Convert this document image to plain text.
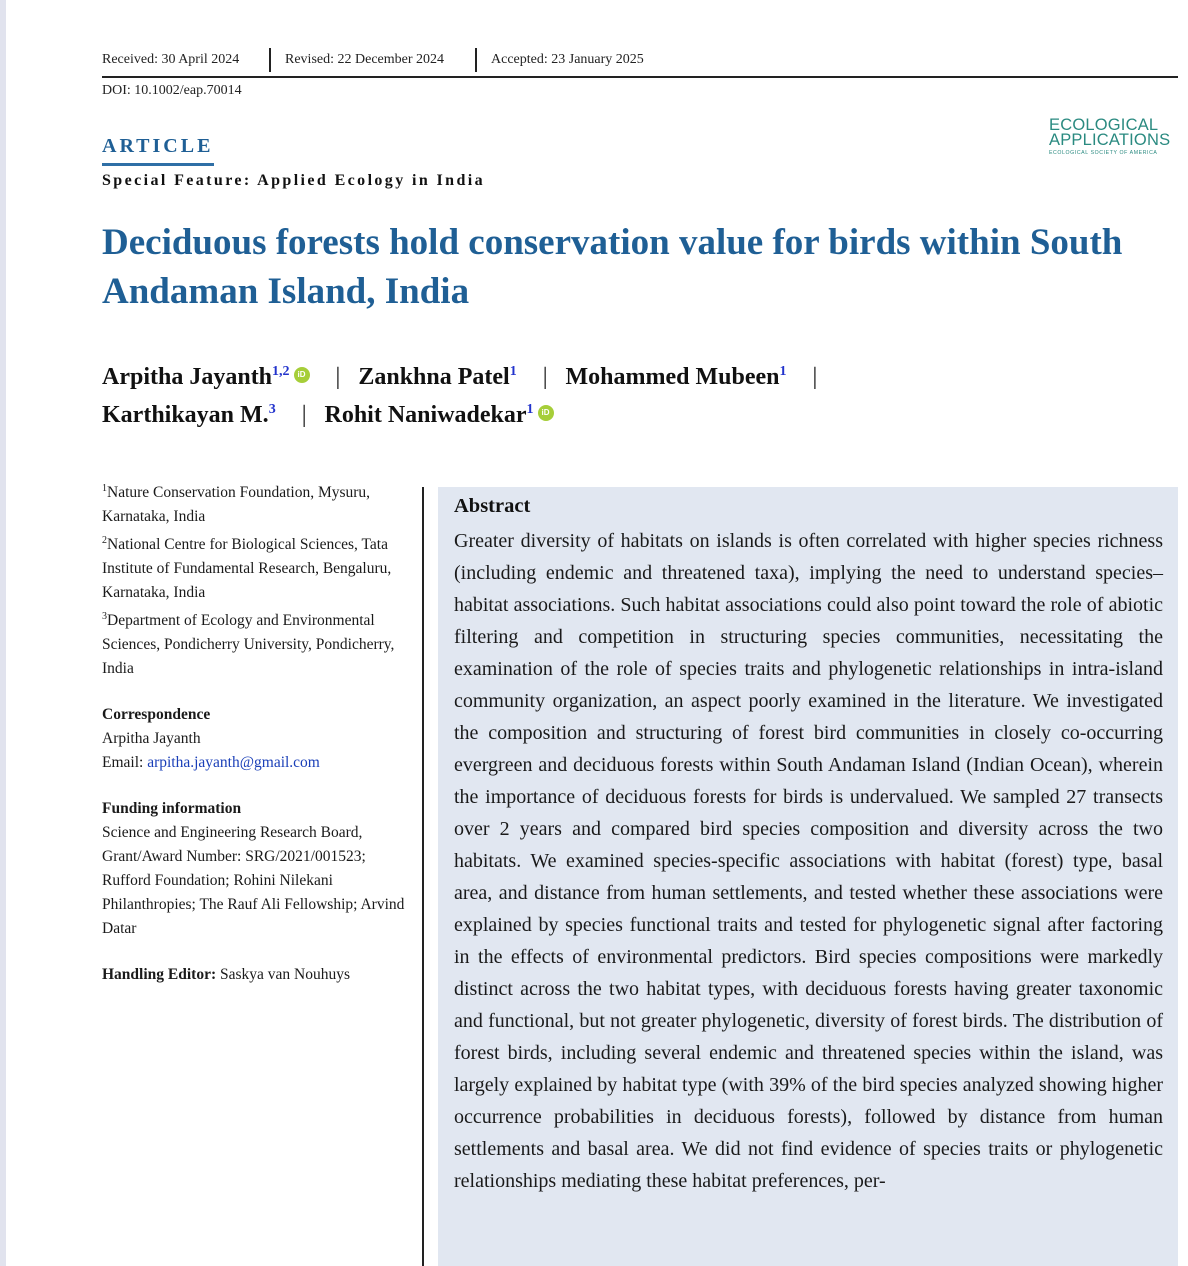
Received: 30 April 2024	Revised: 22 December 2024	Accepted: 23 January 2025
DOI: 10.1002/eap.70014
ARTICLE
Special Feature: Applied Ecology in India
ECOLOGICAL
APPLICATIONS
ECOLOGICAL SOCIETY OF AMERICA
Deciduous forests hold conservation value for birds within South Andaman Island, India
Arpitha Jayanth$^{1,2}$ iD | Zankhna Patel$^1$ | Mohammed Mubeen$^1$ |
Karthikayan M.$^3$ | Rohit Naniwadekar$^1$ iD

$^1$Nature Conservation Foundation, Mysuru, Karnataka, India

$^2$National Centre for Biological Sciences, Tata Institute of Fundamental Research, Bengaluru, Karnataka, India

$^3$Department of Ecology and Environmental Sciences, Pondicherry University, Pondicherry, India

Correspondence

Arpitha Jayanth

Email: arpitha.jayanth@gmail.com

Funding information

Science and Engineering Research Board, Grant/Award Number: SRG/2021/001523; Rufford Foundation; Rohini Nilekani Philanthropies; The Rauf Ali Fellowship; Arvind Datar

Handling Editor: Saskya van Nouhuys

Abstract

Greater diversity of habitats on islands is often correlated with higher species richness (including endemic and threatened taxa), implying the need to understand species–habitat associations. Such habitat associations could also point toward the role of abiotic filtering and competition in structuring species communities, necessitating the examination of the role of species traits and phylogenetic relationships in intra-island community organization, an aspect poorly examined in the literature. We investigated the composition and structuring of forest bird communities in closely co-occurring evergreen and deciduous forests within South Andaman Island (Indian Ocean), wherein the importance of deciduous forests for birds is undervalued. We sampled 27 transects over 2 years and compared bird species composition and diversity across the two habitats. We examined species-specific associations with habitat (forest) type, basal area, and distance from human settlements, and tested whether these associations were explained by species functional traits and tested for phylogenetic signal after factoring in the effects of environmental predictors. Bird species compositions were markedly distinct across the two habitat types, with deciduous forests having greater taxonomic and functional, but not greater phylogenetic, diversity of forest birds. The distribution of forest birds, including several endemic and threatened species within the island, was largely explained by habitat type (with 39% of the bird species analyzed showing higher occurrence probabilities in deciduous forests), followed by distance from human settlements and basal area. We did not find evidence of species traits or phylogenetic relationships mediating these habitat preferences, per-
